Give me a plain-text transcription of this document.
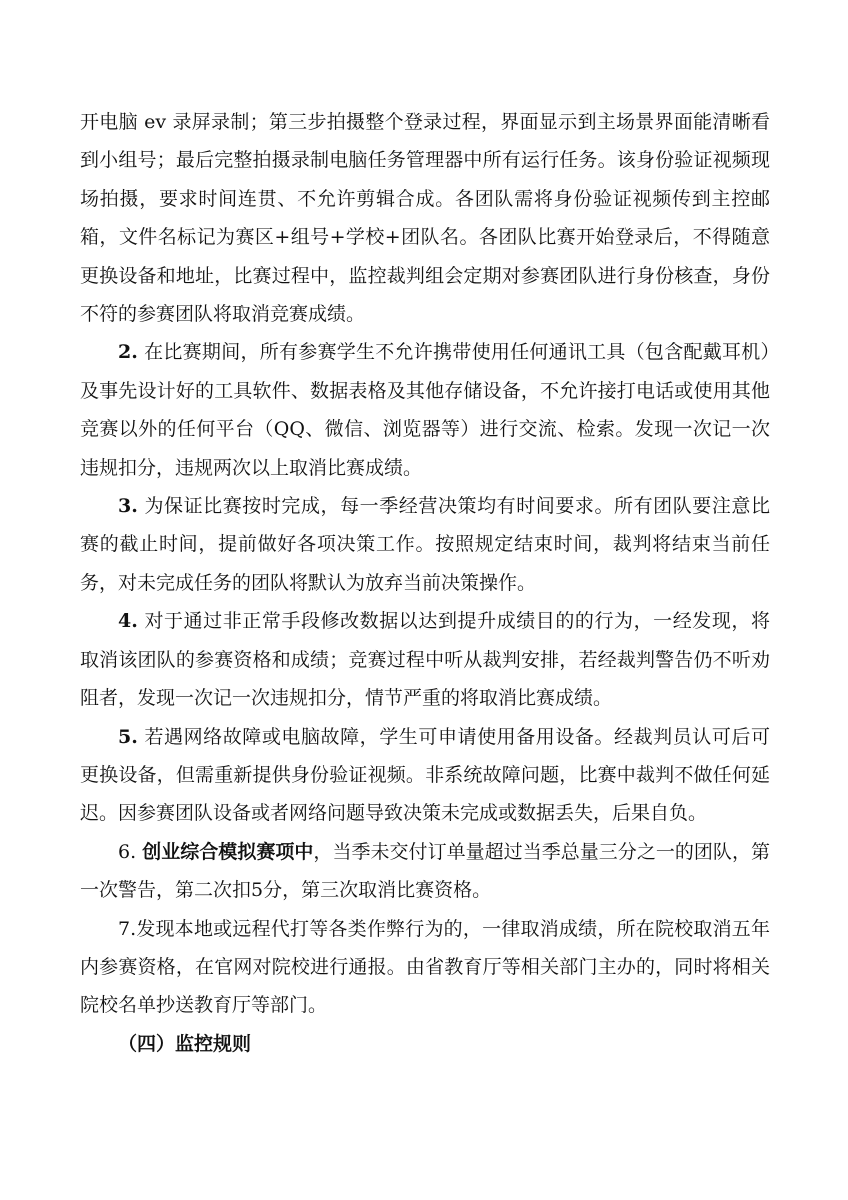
开电脑 ev 录屏录制；第三步拍摄整个登录过程，界面显示到主场景界面能清晰看到小组号；最后完整拍摄录制电脑任务管理器中所有运行任务。该身份验证视频现场拍摄，要求时间连贯、不允许剪辑合成。各团队需将身份验证视频传到主控邮箱，文件名标记为赛区+组号+学校+团队名。各团队比赛开始登录后，不得随意更换设备和地址，比赛过程中，监控裁判组会定期对参赛团队进行身份核查，身份不符的参赛团队将取消竞赛成绩。

2. 在比赛期间，所有参赛学生不允许携带使用任何通讯工具（包含配戴耳机）及事先设计好的工具软件、数据表格及其他存储设备，不允许接打电话或使用其他竞赛以外的任何平台（QQ、微信、浏览器等）进行交流、检索。发现一次记一次违规扣分，违规两次以上取消比赛成绩。

3. 为保证比赛按时完成，每一季经营决策均有时间要求。所有团队要注意比赛的截止时间，提前做好各项决策工作。按照规定结束时间，裁判将结束当前任务，对未完成任务的团队将默认为放弃当前决策操作。

4. 对于通过非正常手段修改数据以达到提升成绩目的的行为，一经发现，将取消该团队的参赛资格和成绩；竞赛过程中听从裁判安排，若经裁判警告仍不听劝阻者，发现一次记一次违规扣分，情节严重的将取消比赛成绩。

5. 若遇网络故障或电脑故障，学生可申请使用备用设备。经裁判员认可后可更换设备，但需重新提供身份验证视频。非系统故障问题，比赛中裁判不做任何延迟。因参赛团队设备或者网络问题导致决策未完成或数据丢失，后果自负。

6. 创业综合模拟赛项中，当季未交付订单量超过当季总量三分之一的团队，第一次警告，第二次扣5分，第三次取消比赛资格。

7.发现本地或远程代打等各类作弊行为的，一律取消成绩，所在院校取消五年内参赛资格，在官网对院校进行通报。由省教育厅等相关部门主办的，同时将相关院校名单抄送教育厅等部门。

（四）监控规则
